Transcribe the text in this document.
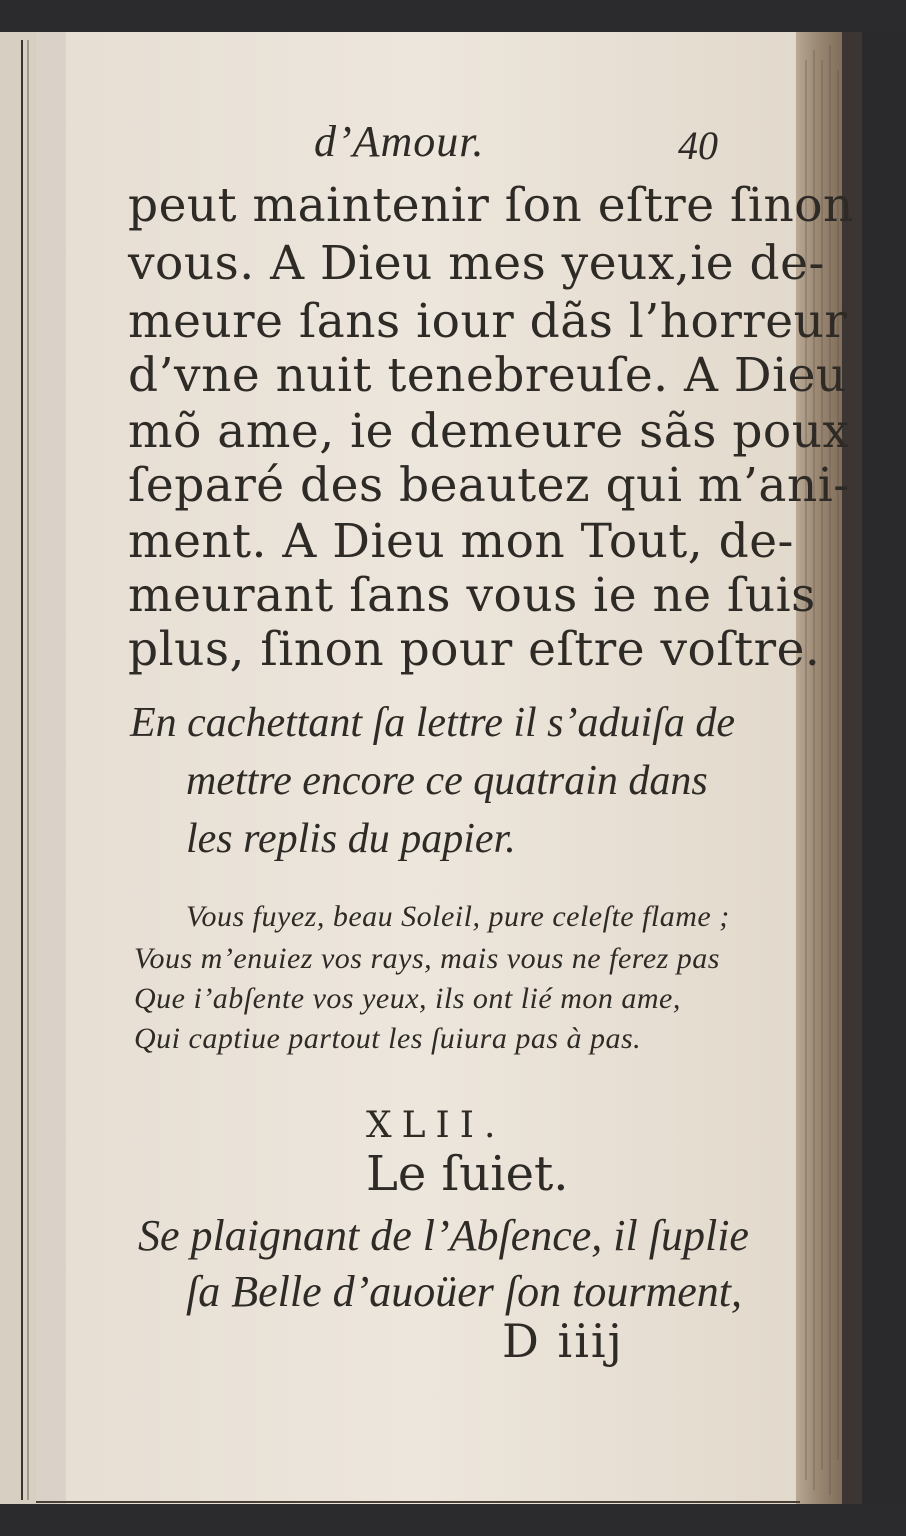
d’Amour.	40
peut maintenir ſon eſtre ſinon
vous. A Dieu mes yeux,ie de-
meure ſans iour dãs l’horreur
d’vne nuit tenebreuſe. A Dieu
mõ ame, ie demeure sãs poux
ſeparé des beautez qui m’ani-
ment. A Dieu mon Tout, de-
meurant ſans vous ie ne ſuis
plus, ſinon pour eſtre voſtre.
En cachettant ſa lettre il s’aduiſa de
mettre encore ce quatrain dans
les replis du papier.
Vous fuyez, beau Soleil, pure celeſte flame ;
Vous m’enuiez vos rays, mais vous ne ferez pas
Que i’abſente vos yeux, ils ont lié mon ame,
Qui captiue partout les ſuiura pas à pas.
XLII.
Le ſuiet.
Se plaignant de l’Abſence, il ſuplie
ſa Belle d’auoüer ſon tourment,
D iiij
